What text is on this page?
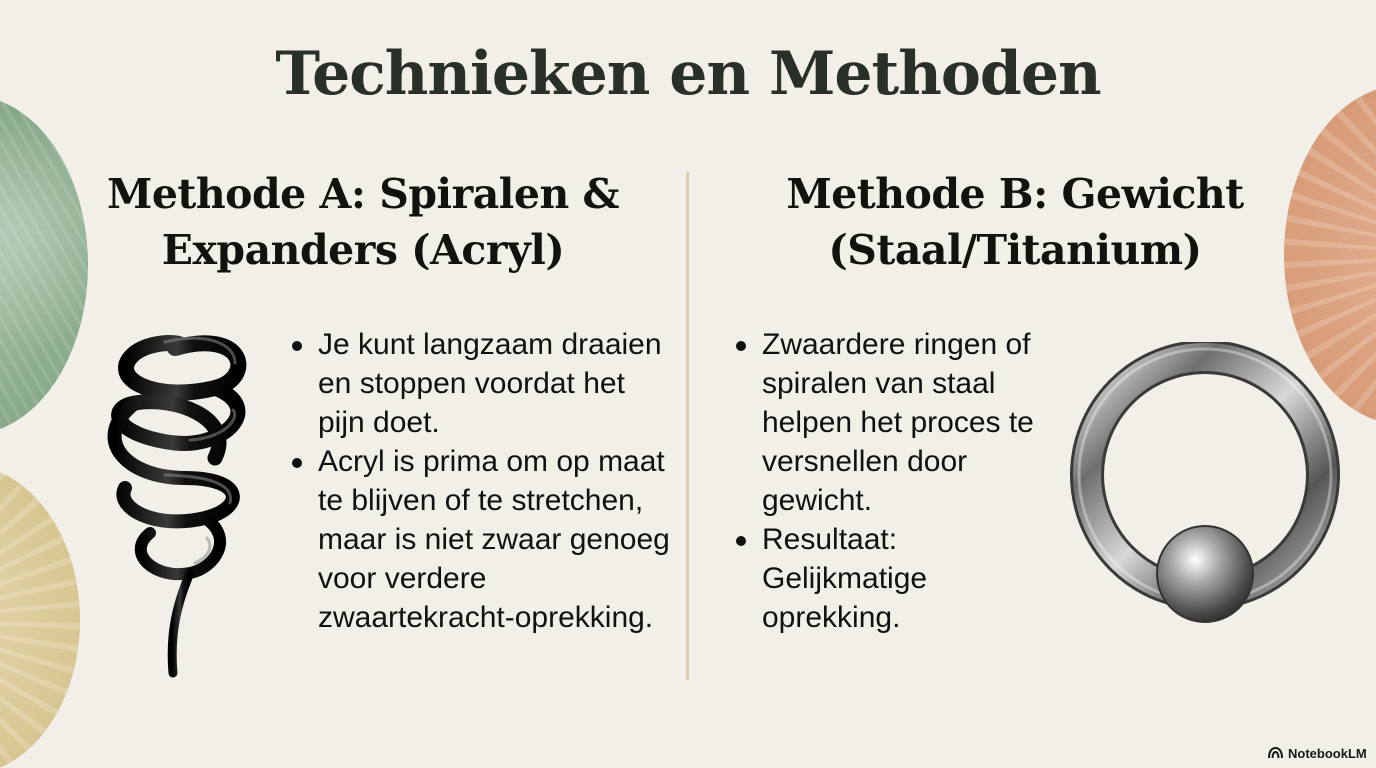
Technieken en Methoden
Methode A: Spiralen &
Expanders (Acryl)
Je kunt langzaam draaien en stoppen voordat het pijn doet.
Acryl is prima om op maat te blijven of te stretchen, maar is niet zwaar genoeg voor verdere zwaartekracht-oprekking.
Methode B: Gewicht
(Staal/Titanium)
Zwaardere ringen of spiralen van staal helpen het proces te versnellen door gewicht.
Resultaat: Gelijkmatige oprekking.
NotebookLM
